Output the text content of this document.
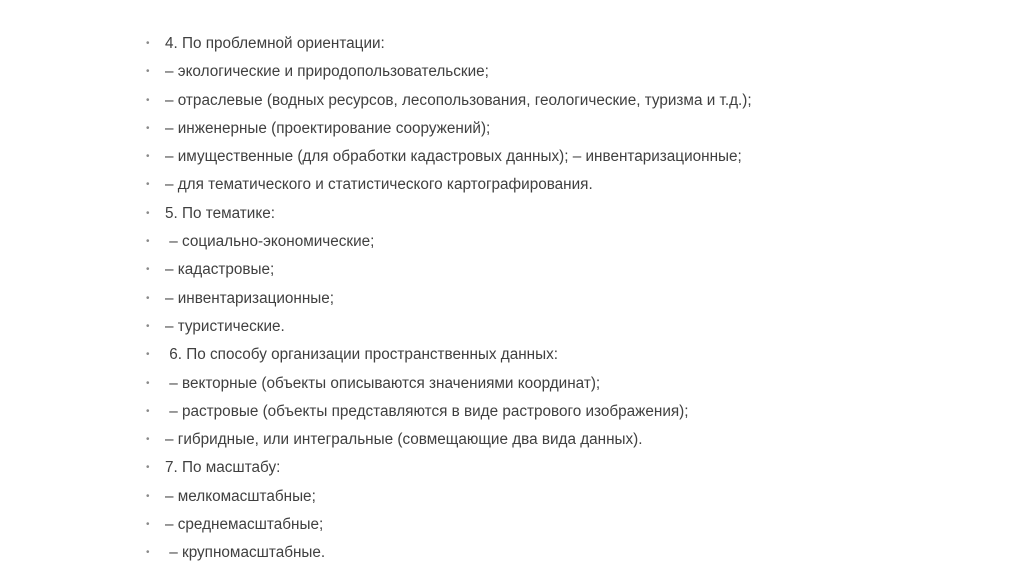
• 4. По проблемной ориентации:
• – экологические и природопользовательские;
• – отраслевые (водных ресурсов, лесопользования, геологические, туризма и т.д.);
• – инженерные (проектирование сооружений);
• – имущественные (для обработки кадастровых данных); – инвентаризационные;
• – для тематического и статистического картографирования.
• 5. По тематике:
• – социально-экономические;
• – кадастровые;
• – инвентаризационные;
• – туристические.
• 6. По способу организации пространственных данных:
• – векторные (объекты описываются значениями координат);
• – растровые (объекты представляются в виде растрового изображения);
• – гибридные, или интегральные (совмещающие два вида данных).
• 7. По масштабу:
• – мелкомасштабные;
• – среднемасштабные;
• – крупномасштабные.
